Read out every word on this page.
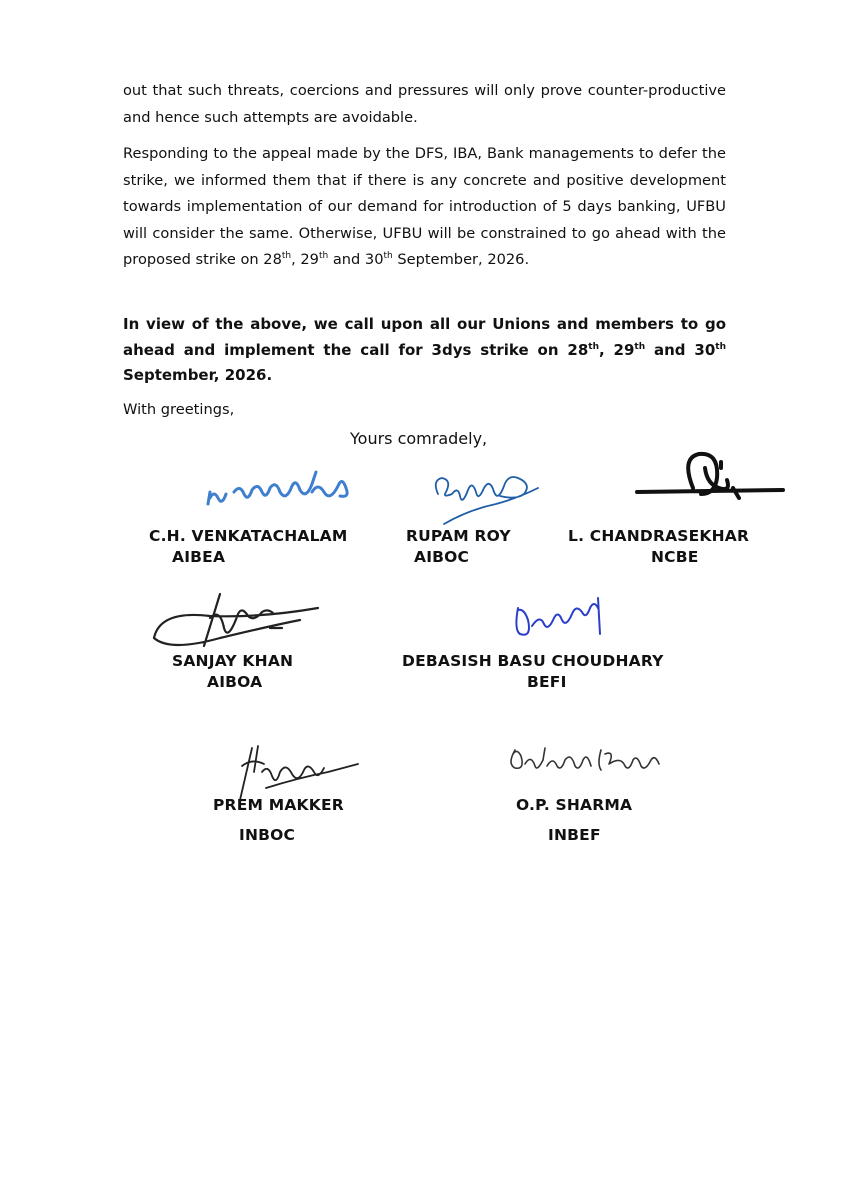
out that such threats, coercions and pressures will only prove counter-productive and hence such attempts are avoidable.

Responding to the appeal made by the DFS, IBA, Bank managements to defer the strike, we informed them that if there is any concrete and positive development towards implementation of our demand for introduction of 5 days banking, UFBU will consider the same. Otherwise, UFBU will be constrained to go ahead with the proposed strike on 28th, 29th and 30th September, 2026.

In view of the above, we call upon all our Unions and members to go ahead and implement the call for 3dys strike on 28th, 29th and 30th September, 2026.

With greetings,
Yours comradely,
C.H. VENKATACHALAM
AIBEA
RUPAM ROY
AIBOC
L. CHANDRASEKHAR
NCBE
SANJAY KHAN
AIBOA
DEBASISH BASU CHOUDHARY
BEFI
PREM MAKKER
INBOC
O.P. SHARMA
INBEF
